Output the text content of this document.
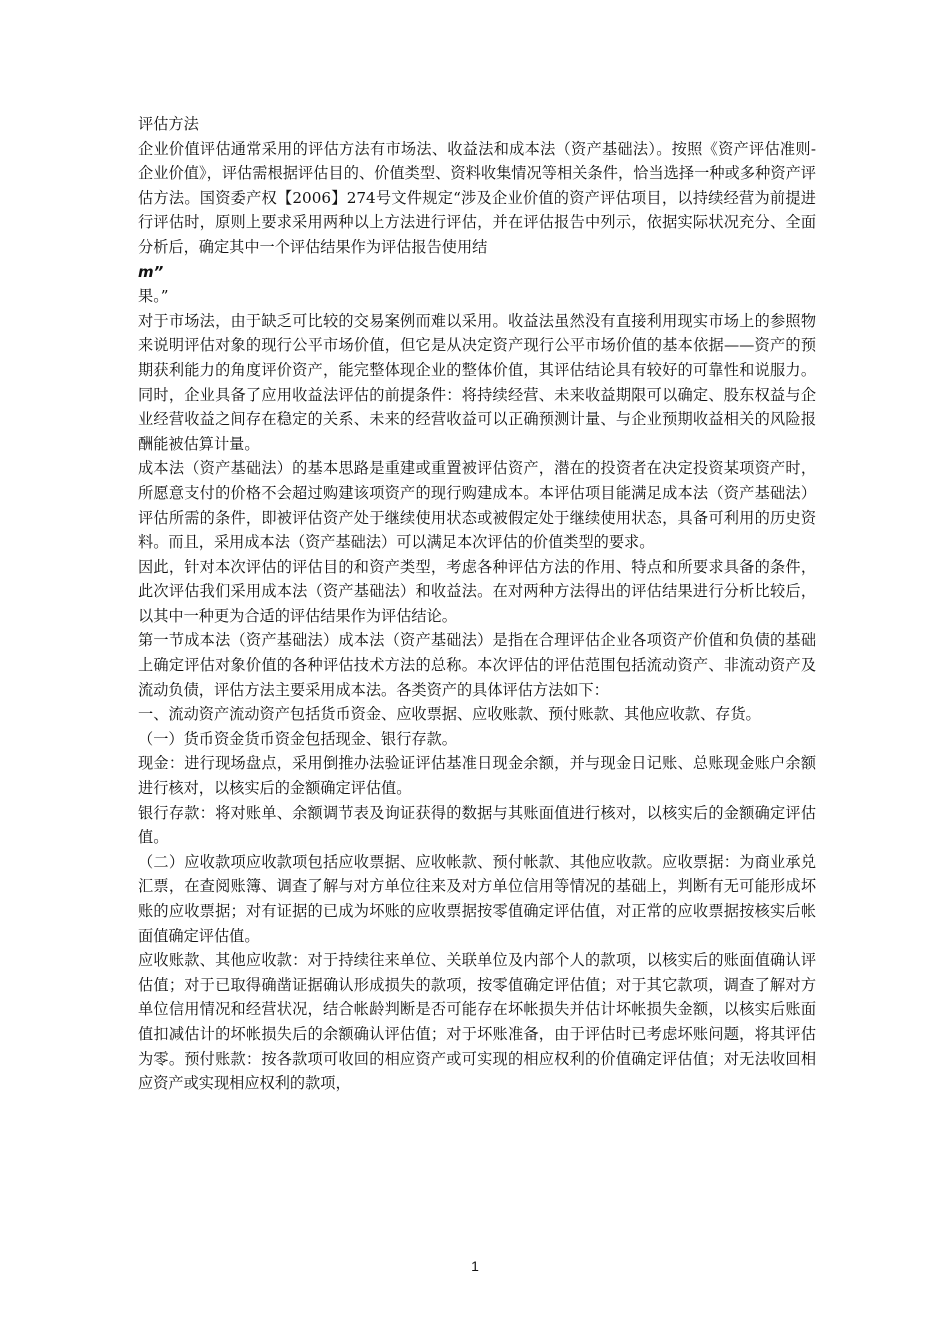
评估方法

企业价值评估通常采用的评估方法有市场法、收益法和成本法（资产基础法）。按照《资产评估准则-企业价值》，评估需根据评估目的、价值类型、资料收集情况等相关条件，恰当选择一种或多种资产评估方法。国资委产权【2006】274号文件规定“涉及企业价值的资产评估项目，以持续经营为前提进行评估时，原则上要求采用两种以上方法进行评估，并在评估报告中列示，依据实际状况充分、全面分析后，确定其中一个评估结果作为评估报告使用结

m”

果。”

对于市场法，由于缺乏可比较的交易案例而难以采用。收益法虽然没有直接利用现实市场上的参照物来说明评估对象的现行公平市场价值，但它是从决定资产现行公平市场价值的基本依据——资产的预期获利能力的角度评价资产，能完整体现企业的整体价值，其评估结论具有较好的可靠性和说服力。同时，企业具备了应用收益法评估的前提条件：将持续经营、未来收益期限可以确定、股东权益与企业经营收益之间存在稳定的关系、未来的经营收益可以正确预测计量、与企业预期收益相关的风险报酬能被估算计量。

成本法（资产基础法）的基本思路是重建或重置被评估资产，潜在的投资者在决定投资某项资产时，所愿意支付的价格不会超过购建该项资产的现行购建成本。本评估项目能满足成本法（资产基础法）评估所需的条件，即被评估资产处于继续使用状态或被假定处于继续使用状态，具备可利用的历史资料。而且，采用成本法（资产基础法）可以满足本次评估的价值类型的要求。

因此，针对本次评估的评估目的和资产类型，考虑各种评估方法的作用、特点和所要求具备的条件，此次评估我们采用成本法（资产基础法）和收益法。在对两种方法得出的评估结果进行分析比较后，以其中一种更为合适的评估结果作为评估结论。

第一节成本法（资产基础法）成本法（资产基础法）是指在合理评估企业各项资产价值和负债的基础上确定评估对象价值的各种评估技术方法的总称。本次评估的评估范围包括流动资产、非流动资产及流动负债，评估方法主要采用成本法。各类资产的具体评估方法如下：

一、流动资产流动资产包括货币资金、应收票据、应收账款、预付账款、其他应收款、存货。

（一）货币资金货币资金包括现金、银行存款。

现金：进行现场盘点，采用倒推办法验证评估基准日现金余额，并与现金日记账、总账现金账户余额进行核对，以核实后的金额确定评估值。

银行存款：将对账单、余额调节表及询证获得的数据与其账面值进行核对，以核实后的金额确定评估值。

（二）应收款项应收款项包括应收票据、应收帐款、预付帐款、其他应收款。应收票据：为商业承兑汇票，在查阅账簿、调查了解与对方单位往来及对方单位信用等情况的基础上，判断有无可能形成坏账的应收票据；对有证据的已成为坏账的应收票据按零值确定评估值，对正常的应收票据按核实后帐面值确定评估值。

应收账款、其他应收款：对于持续往来单位、关联单位及内部个人的款项，以核实后的账面值确认评估值；对于已取得确凿证据确认形成损失的款项，按零值确定评估值；对于其它款项，调查了解对方单位信用情况和经营状况，结合帐龄判断是否可能存在坏帐损失并估计坏帐损失金额，以核实后账面值扣减估计的坏帐损失后的余额确认评估值；对于坏账准备，由于评估时已考虑坏账问题，将其评估为零。预付账款：按各款项可收回的相应资产或可实现的相应权利的价值确定评估值；对无法收回相应资产或实现相应权利的款项，

1
